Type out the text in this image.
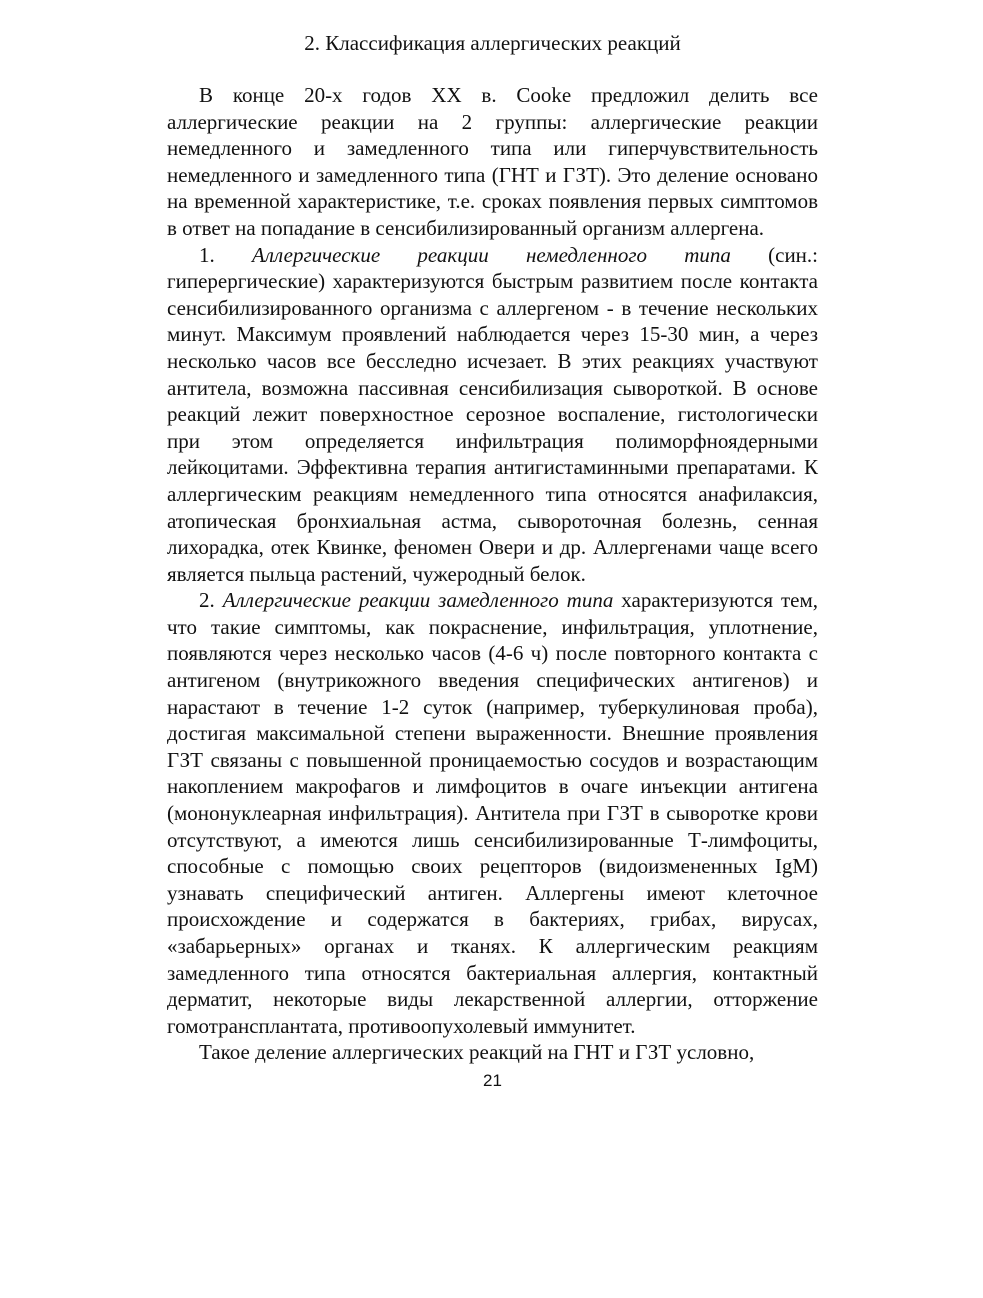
2. Классификация аллергических реакций

В конце 20-х годов XX в. Cooke предложил делить все аллергические реакции на 2 группы: аллергические реакции немедленного и замедленного типа или гиперчувствительность немедленного и замедленного типа (ГНТ и ГЗТ). Это деление основано на временной характеристике, т.е. сроках появления первых симптомов в ответ на попадание в сенсибилизированный организм аллергена.

1. Аллергические реакции немедленного типа (син.: гиперергические) характеризуются быстрым развитием после контакта сенсибилизированного организма с аллергеном - в течение нескольких минут. Максимум проявлений наблюдается через 15-30 мин, а через несколько часов все бесследно исчезает. В этих реакциях участвуют антитела, возможна пассивная сенсибилизация сывороткой. В основе реакций лежит поверхностное серозное воспаление, гистологически при этом определяется инфильтрация полиморфноядерными лейкоцитами. Эффективна терапия антигистаминными препаратами. К аллергическим реакциям немедленного типа относятся анафилаксия, атопическая бронхиальная астма, сывороточная болезнь, сенная лихорадка, отек Квинке, феномен Овери и др. Аллергенами чаще всего является пыльца растений, чужеродный белок.

2. Аллергические реакции замедленного типа характеризуются тем, что такие симптомы, как покраснение, инфильтрация, уплотнение, появляются через несколько часов (4-6 ч) после повторного контакта с антигеном (внутрикожного введения специфических антигенов) и нарастают в течение 1-2 суток (например, туберкулиновая проба), достигая максимальной степени выраженности. Внешние проявления ГЗТ связаны с повышенной проницаемостью сосудов и возрастающим накоплением макрофагов и лимфоцитов в очаге инъекции антигена (мононуклеарная инфильтрация). Антитела при ГЗТ в сыворотке крови отсутствуют, а имеются лишь сенсибилизированные Т-лимфоциты, способные с помощью своих рецепторов (видоизмененных IgM) узнавать специфический антиген. Аллергены имеют клеточное происхождение и содержатся в бактериях, грибах, вирусах, «забарьерных» органах и тканях. К аллергическим реакциям замедленного типа относятся бактериальная аллергия, контактный дерматит, некоторые виды лекарственной аллергии, отторжение гомотрансплантата, противоопухолевый иммунитет.

Такое деление аллергических реакций на ГНТ и ГЗТ условно,

21
